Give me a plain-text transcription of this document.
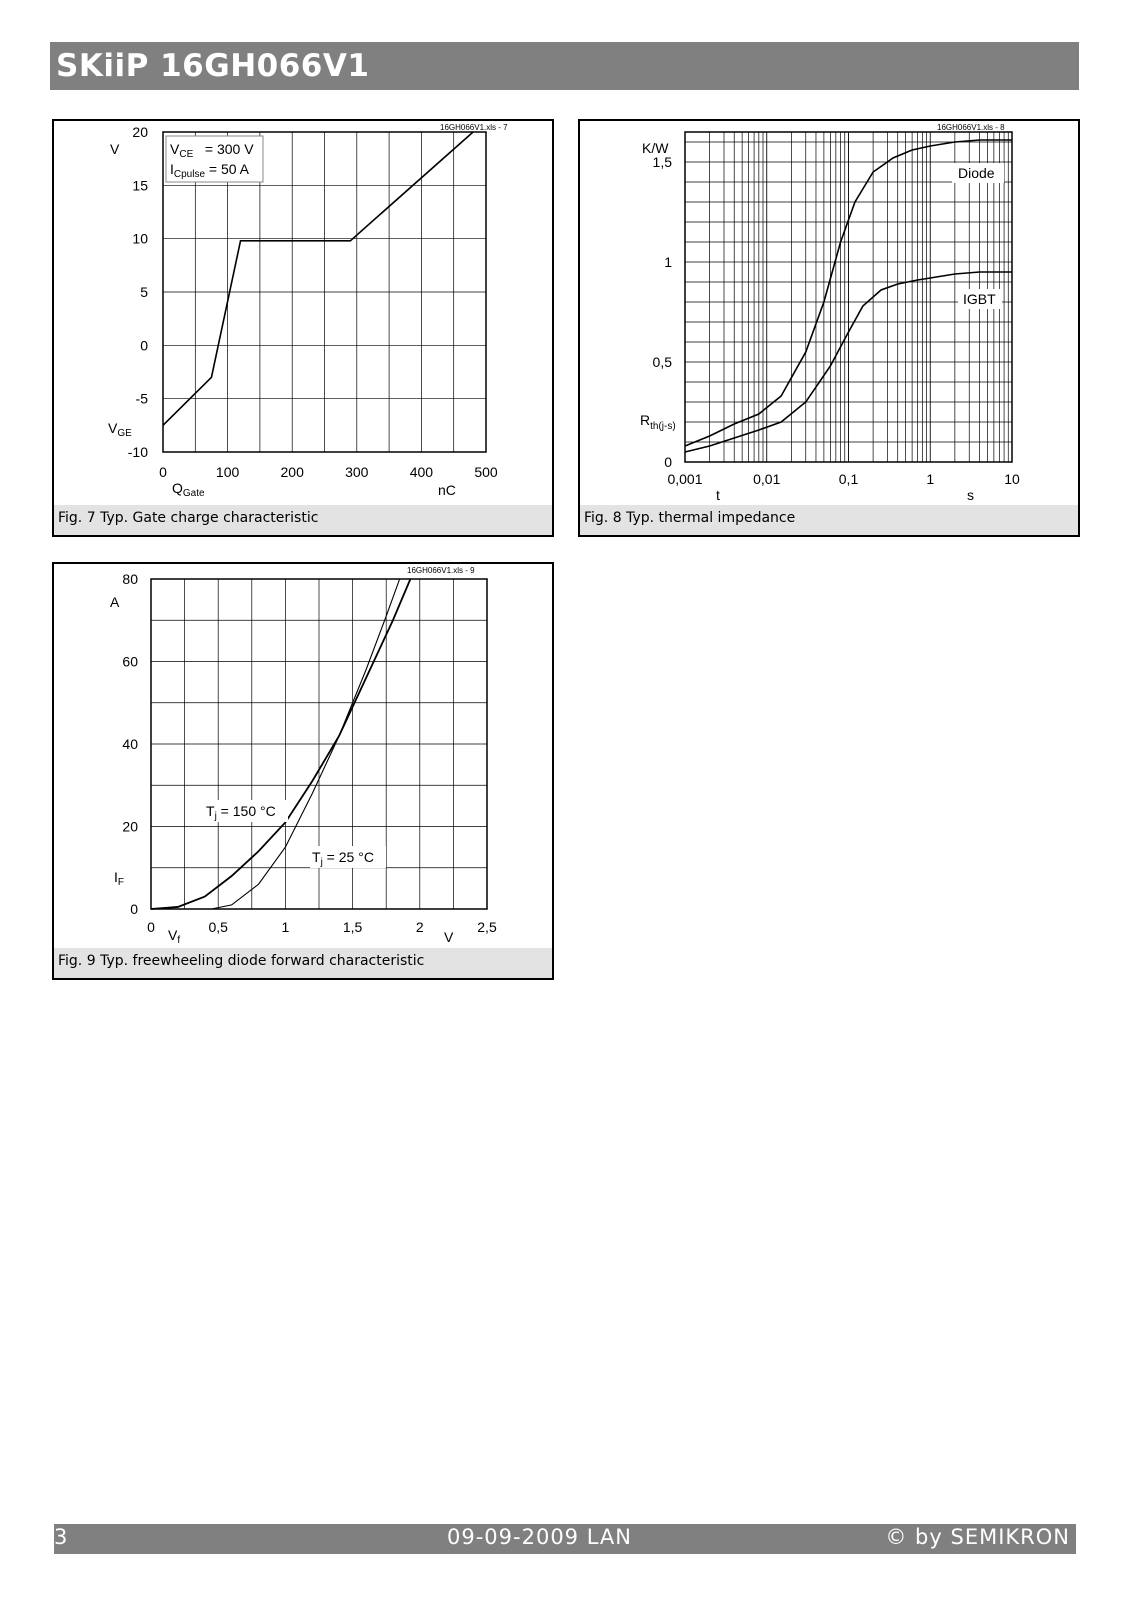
SKiiP 16GH066V1
0	100	200	300	400	500
20
15
10
5
0
-5
-10
$V_{CE} = 300$ V
$I_{Cpulse} = 50$ A
16GH066V1.xls - 7
V
$V_{GE}$
$Q_{Gate}$	nC
Fig. 7 Typ. Gate charge characteristic
0,001	0,01	0,1	1	10
1,5
1
0,5
0
Diode
IGBT
16GH066V1.xls - 8
K/W
$R_{th(j-s)}$
t	s
Fig. 8 Typ. thermal impedance
0	0,5	1	1,5	2	2,5
80
60
40
20
0
$T_j = 150$ °C
$T_j = 25$ °C
16GH066V1.xls - 9
A
$I_F$
$V_f$	V
Fig. 9 Typ. freewheeling diode forward characteristic
3	09-09-2009 LAN	© by SEMIKRON
